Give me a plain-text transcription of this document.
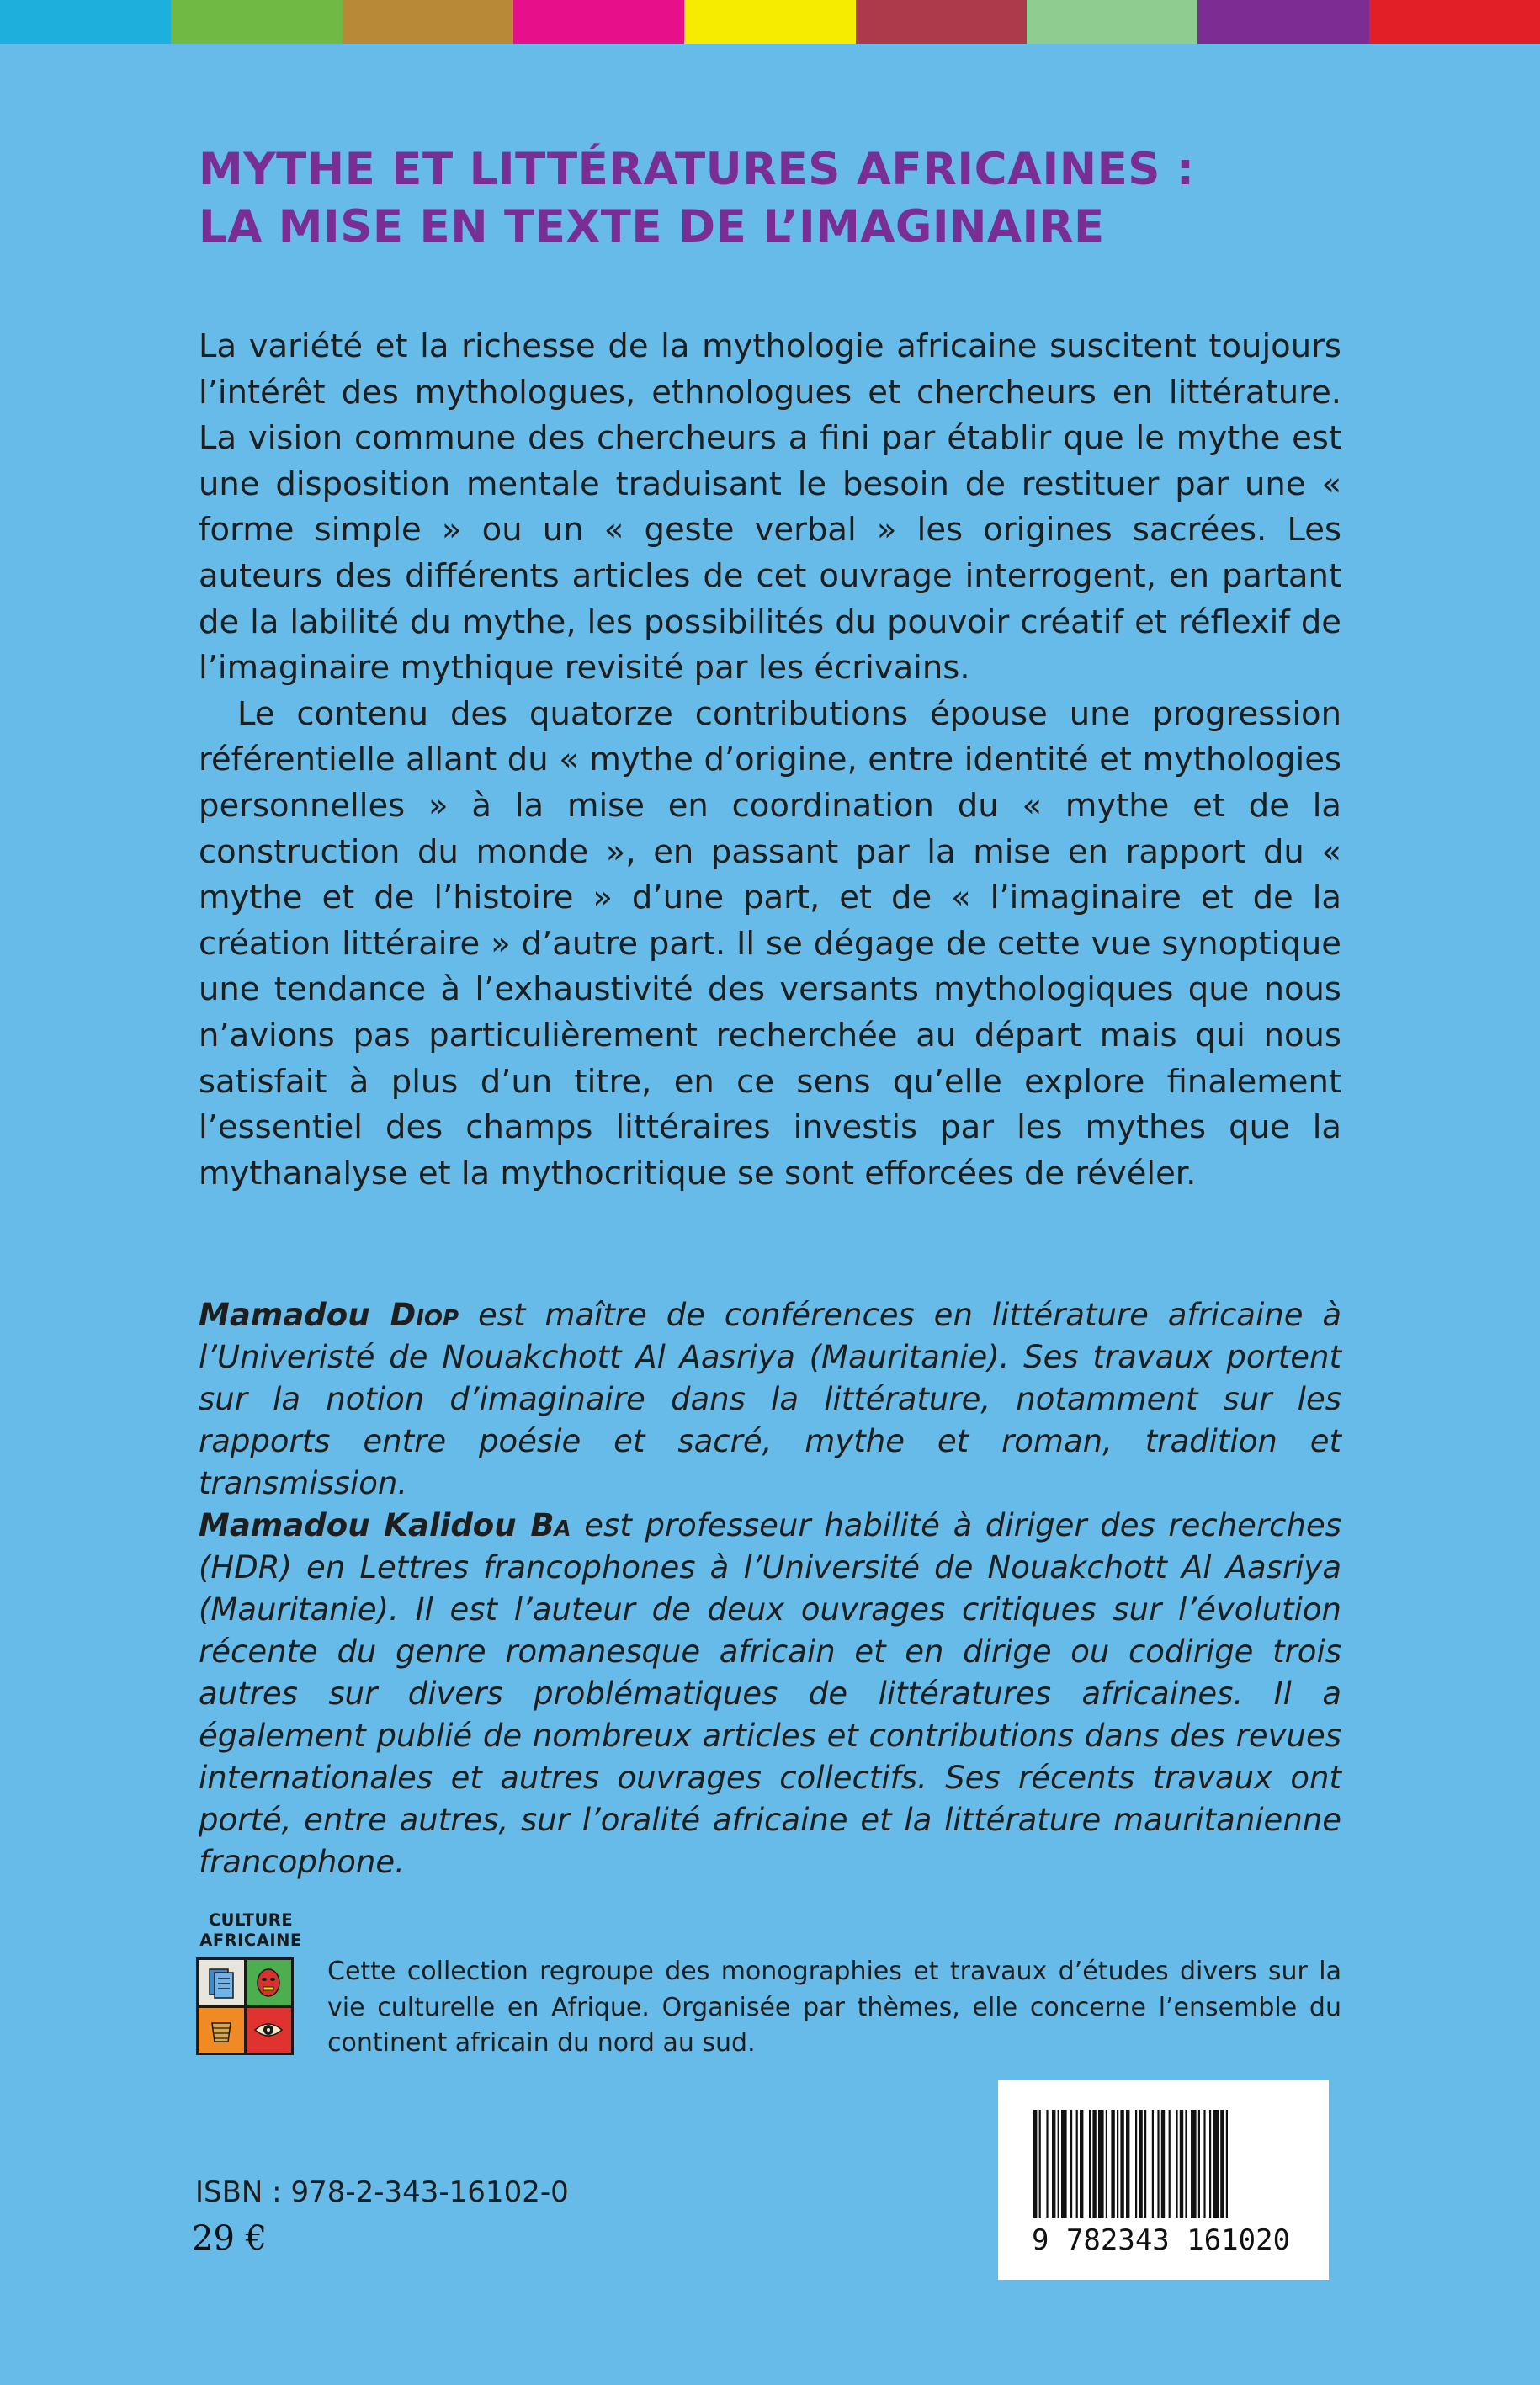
MYTHE ET LITTÉRATURES AFRICAINES :
LA MISE EN TEXTE DE L’IMAGINAIRE

La variété et la richesse de la mythologie africaine suscitent toujours l’intérêt des mythologues, ethnologues et chercheurs en littérature. La vision commune des chercheurs a fini par établir que le mythe est une disposition mentale traduisant le besoin de restituer par une « forme simple » ou un « geste verbal » les origines sacrées. Les auteurs des différents articles de cet ouvrage interrogent, en partant de la labilité du mythe, les possibilités du pouvoir créatif et réflexif de l’imaginaire mythique revisité par les écrivains.

Le contenu des quatorze contributions épouse une progression référentielle allant du « mythe d’origine, entre identité et mythologies personnelles » à la mise en coordination du « mythe et de la construction du monde », en passant par la mise en rapport du « mythe et de l’histoire » d’une part, et de « l’imaginaire et de la création littéraire » d’autre part. Il se dégage de cette vue synoptique une tendance à l’exhaustivité des versants mythologiques que nous n’avions pas particulièrement recherchée au départ mais qui nous satisfait à plus d’un titre, en ce sens qu’elle explore finalement l’essentiel des champs littéraires investis par les mythes que la mythanalyse et la mythocritique se sont efforcées de révéler.

Mamadou Diop est maître de conférences en littérature africaine à l’Univeristé de Nouakchott Al Aasriya (Mauritanie). Ses travaux portent sur la notion d’imaginaire dans la littérature, notamment sur les rapports entre poésie et sacré, mythe et roman, tradition et transmission.
Mamadou Kalidou Ba est professeur habilité à diriger des recherches (HDR) en Lettres francophones à l’Université de Nouakchott Al Aasriya (Mauritanie). Il est l’auteur de deux ouvrages critiques sur l’évolution récente du genre romanesque africain et en dirige ou codirige trois autres sur divers problématiques de littératures africaines. Il a également publié de nombreux articles et contributions dans des revues internationales et autres ouvrages collectifs. Ses récents travaux ont porté, entre autres, sur l’oralité africaine et la littérature mauritanienne francophone.
CULTURE
AFRICAINE
Cette collection regroupe des monographies et travaux d’études divers sur la vie culturelle en Afrique. Organisée par thèmes, elle concerne l’ensemble du continent africain du nord au sud.
9 782343 161020
ISBN : 978-2-343-16102-0
29 €
